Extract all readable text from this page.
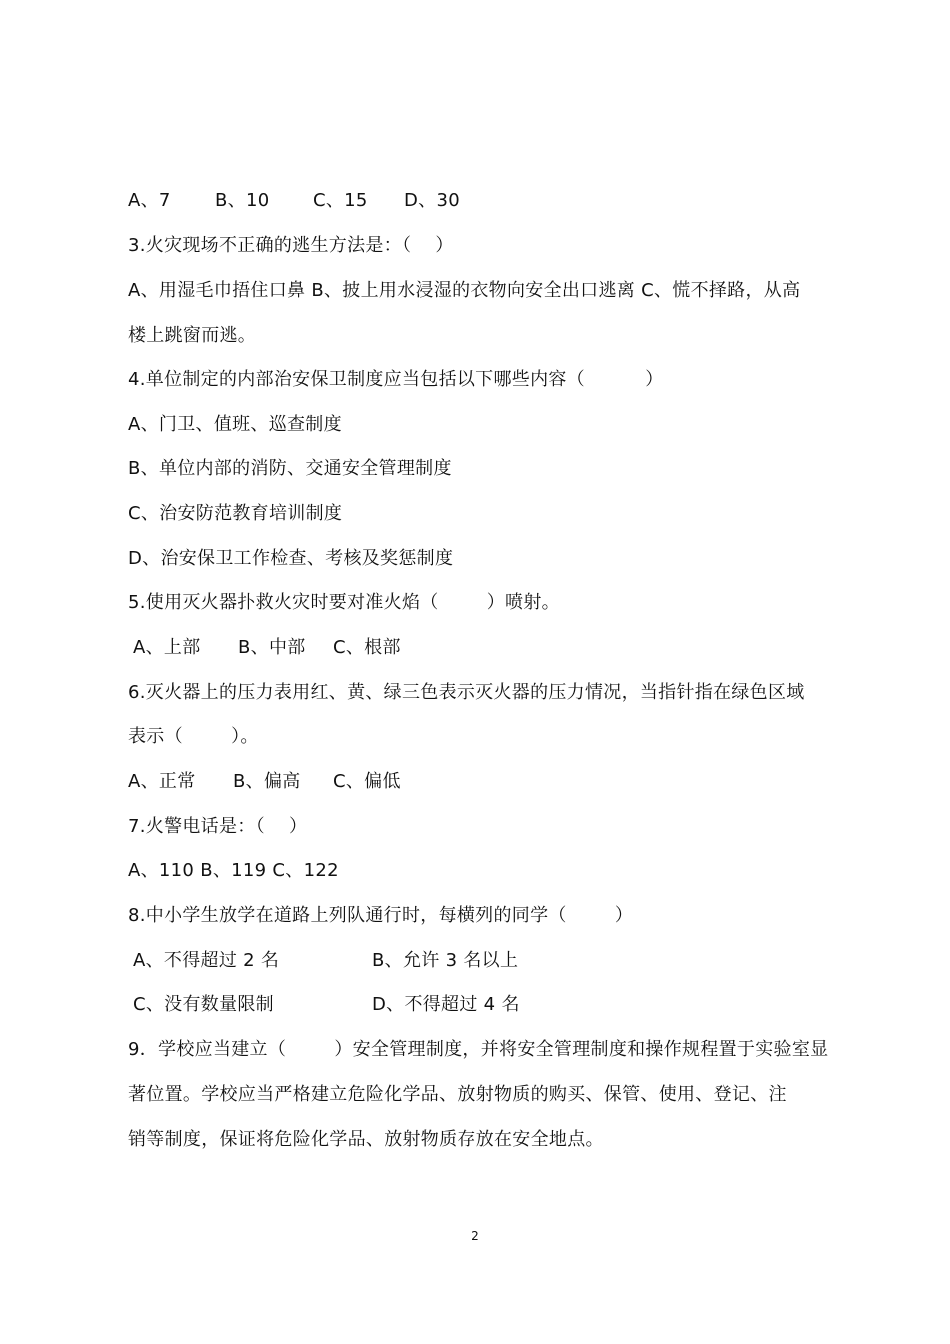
A、7 B、10 C、15 D、30
3.火灾现场不正确的逃生方法是：（    ）
A、用湿毛巾捂住口鼻 B、披上用水浸湿的衣物向安全出口逃离 C、慌不择路，从高
楼上跳窗而逃。
4.单位制定的内部治安保卫制度应当包括以下哪些内容（          ）
A、门卫、值班、巡查制度
B、单位内部的消防、交通安全管理制度
C、治安防范教育培训制度
D、治安保卫工作检查、考核及奖惩制度
5.使用灭火器扑救火灾时要对准火焰（        ）喷射。
A、上部 B、中部 C、根部
6.灭火器上的压力表用红、黄、绿三色表示灭火器的压力情况，当指针指在绿色区域
表示（        ）。
A、正常 B、偏高 C、偏低
7.火警电话是：（    ）
A、110 B、119 C、122
8.中小学生放学在道路上列队通行时，每横列的同学（        ）
A、不得超过 2 名	B、允许 3 名以上
C、没有数量限制	D、不得超过 4 名
9．学校应当建立（        ）安全管理制度，并将安全管理制度和操作规程置于实验室显
著位置。学校应当严格建立危险化学品、放射物质的购买、保管、使用、登记、注
销等制度，保证将危险化学品、放射物质存放在安全地点。
2
